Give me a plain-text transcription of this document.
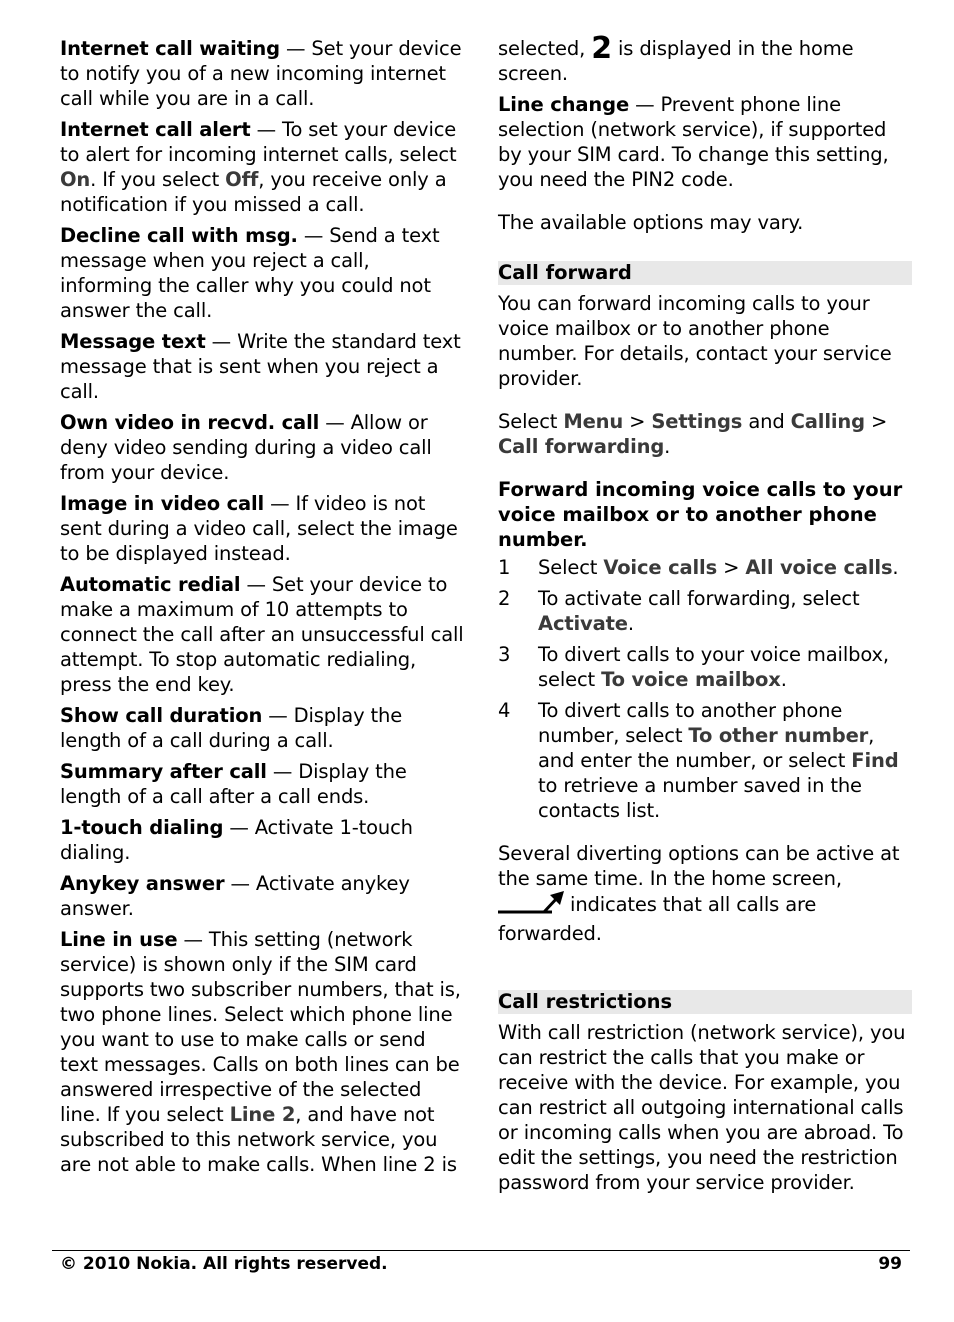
Internet call waiting — Set your device to notify you of a new incoming internet call while you are in a call.

Internet call alert — To set your device to alert for incoming internet calls, select On. If you select Off, you receive only a notification if you missed a call.

Decline call with msg. — Send a text message when you reject a call, informing the caller why you could not answer the call.

Message text — Write the standard text message that is sent when you reject a call.

Own video in recvd. call — Allow or deny video sending during a video call from your device.

Image in video call — If video is not sent during a video call, select the image to be displayed instead.

Automatic redial — Set your device to make a maximum of 10 attempts to connect the call after an unsuccessful call attempt. To stop automatic redialing, press the end key.

Show call duration — Display the length of a call during a call.

Summary after call — Display the length of a call after a call ends.

1-touch dialing — Activate 1-touch dialing.

Anykey answer — Activate anykey answer.

Line in use — This setting (network service) is shown only if the SIM card supports two subscriber numbers, that is, two phone lines. Select which phone line you want to use to make calls or send text messages. Calls on both lines can be answered irrespective of the selected line. If you select Line 2, and have not subscribed to this network service, you are not able to make calls. When line 2 is

selected, 2 is displayed in the home screen.

Line change — Prevent phone line selection (network service), if supported by your SIM card. To change this setting, you need the PIN2 code.

The available options may vary.

Call forward

You can forward incoming calls to your voice mailbox or to another phone number. For details, contact your service provider.

Select Menu > Settings and Calling > Call forwarding.

Forward incoming voice calls to your voice mailbox or to another phone number.

1 Select Voice calls > All voice calls.
2 To activate call forwarding, select Activate.
3 To divert calls to your voice mailbox, select To voice mailbox.
4 To divert calls to another phone number, select To other number, and enter the number, or select Find to retrieve a number saved in the contacts list.

Several diverting options can be active at the same time. In the home screen,  indicates that all calls are forwarded.

Call restrictions

With call restriction (network service), you can restrict the calls that you make or receive with the device. For example, you can restrict all outgoing international calls or incoming calls when you are abroad. To edit the settings, you need the restriction password from your service provider.

© 2010 Nokia. All rights reserved.	99
